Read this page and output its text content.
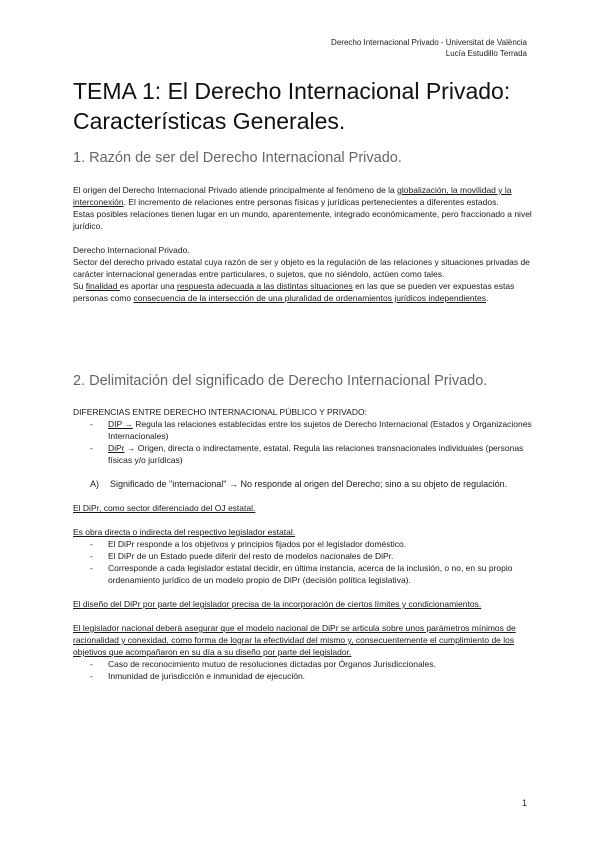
Derecho Internacional Privado - Universitat de València
Lucía Estudillo Terrada
TEMA 1: El Derecho Internacional Privado: Características Generales.
1. Razón de ser del Derecho Internacional Privado.

El origen del Derecho Internacional Privado atiende principalmente al fenómeno de la globalización, la movilidad y la interconexión. El incremento de relaciones entre personas físicas y jurídicas pertenecientes a diferentes estados.

Estas posibles relaciones tienen lugar en un mundo, aparentemente, integrado económicamente, pero fraccionado a nivel jurídico.

Derecho Internacional Privado.

Sector del derecho privado estatal cuya razón de ser y objeto es la regulación de las relaciones y situaciones privadas de carácter internacional generadas entre particulares, o sujetos, que no siéndolo, actúen como tales.

Su finalidad es aportar una respuesta adecuada a las distintas situaciones en las que se pueden ver expuestas estas personas como consecuencia de la intersección de una pluralidad de ordenamientos jurídicos independientes.

2. Delimitación del significado de Derecho Internacional Privado.

DIFERENCIAS ENTRE DERECHO INTERNACIONAL PÚBLICO Y PRIVADO:

- DIP → Regula las relaciones establecidas entre los sujetos de Derecho Internacional (Estados y Organizaciones Internacionales)
- DiPr → Origen, directa o indirectamente, estatal. Regula las relaciones transnacionales individuales (personas físicas y/o jurídicas)
A) Significado de "internacional" → No responde al origen del Derecho; sino a su objeto de regulación.

El DiPr, como sector diferenciado del OJ estatal.

Es obra directa o indirecta del respectivo legislador estatal.

- El DiPr responde a los objetivos y principios fijados por el legislador doméstico.
- El DiPr de un Estado puede diferir del resto de modelos nacionales de DiPr.
- Corresponde a cada legislador estatal decidir, en última instancia, acerca de la inclusión, o no, en su propio ordenamiento jurídico de un modelo propio de DiPr (decisión política legislativa).

El diseño del DiPr por parte del legislador precisa de la incorporación de ciertos límites y condicionamientos.

El legislador nacional deberá asegurar que el modelo nacional de DiPr se articula sobre unos parámetros mínimos de racionalidad y conexidad, como forma de lograr la efectividad del mismo y, consecuentemente el cumplimiento de los objetivos que acompañaron en su día a su diseño por parte del legislador.

- Caso de reconocimiento mutuo de resoluciones dictadas por Órganos Jurisdiccionales.
- Inmunidad de jurisdicción e inmunidad de ejecución.
1
